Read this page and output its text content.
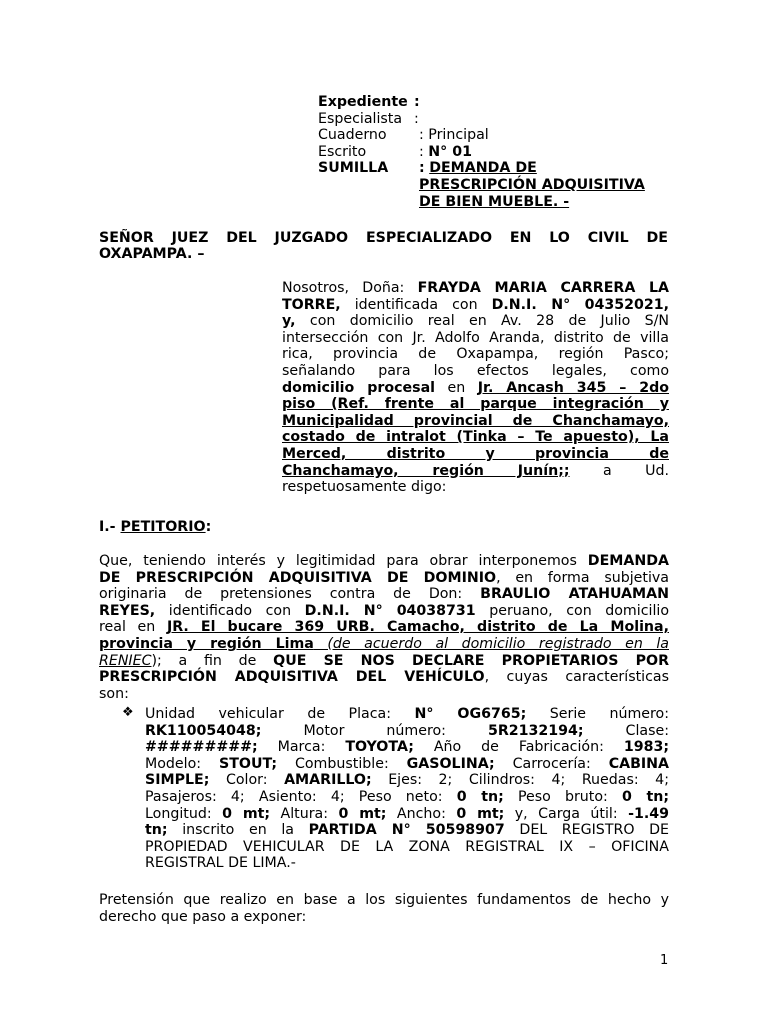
Expediente :
Especialista :
Cuaderno	: Principal
Escrito	: N° 01
SUMILLA	: DEMANDA DE
PRESCRIPCIÓN ADQUISITIVA
DE BIEN MUEBLE. -
SEÑOR JUEZ DEL JUZGADO ESPECIALIZADO EN LO CIVIL DE
OXAPAMPA. –
Nosotros, Doña: FRAYDA MARIA CARRERA LA
TORRE, identificada con D.N.I. N° 04352021,
y, con domicilio real en Av. 28 de Julio S/N
intersección con Jr. Adolfo Aranda, distrito de villa
rica, provincia de Oxapampa, región Pasco;
señalando para los efectos legales, como
domicilio procesal en Jr. Ancash 345 – 2do
piso (Ref. frente al parque integración y
Municipalidad provincial de Chanchamayo,
costado de intralot (Tinka – Te apuesto), La
Merced, distrito y provincia de
Chanchamayo, región Junín;; a Ud.
respetuosamente digo:
I.- PETITORIO:
Que, teniendo interés y legitimidad para obrar interponemos DEMANDA
DE PRESCRIPCIÓN ADQUISITIVA DE DOMINIO, en forma subjetiva
originaria de pretensiones contra de Don: BRAULIO ATAHUAMAN
REYES, identificado con D.N.I. N° 04038731 peruano, con domicilio
real en JR. El bucare 369 URB. Camacho, distrito de La Molina,
provincia y región Lima (de acuerdo al domicilio registrado en la
RENIEC); a fin de QUE SE NOS DECLARE PROPIETARIOS POR
PRESCRIPCIÓN ADQUISITIVA DEL VEHÍCULO, cuyas características
son:
❖ Unidad vehicular de Placa: N° OG6765; Serie número:
RK110054048;	Motor número:	5R2132194;	Clase:
#########; Marca: TOYOTA; Año de Fabricación: 1983;
Modelo: STOUT; Combustible: GASOLINA; Carrocería: CABINA
SIMPLE; Color: AMARILLO; Ejes: 2; Cilindros: 4; Ruedas: 4;
Pasajeros: 4; Asiento: 4; Peso neto: 0 tn; Peso bruto: 0 tn;
Longitud: 0 mt; Altura: 0 mt; Ancho: 0 mt; y, Carga útil: -1.49
tn; inscrito en la PARTIDA N° 50598907 DEL REGISTRO DE
PROPIEDAD VEHICULAR DE LA ZONA REGISTRAL IX – OFICINA
REGISTRAL DE LIMA.-
Pretensión que realizo en base a los siguientes fundamentos de hecho y
derecho que paso a exponer:
1
